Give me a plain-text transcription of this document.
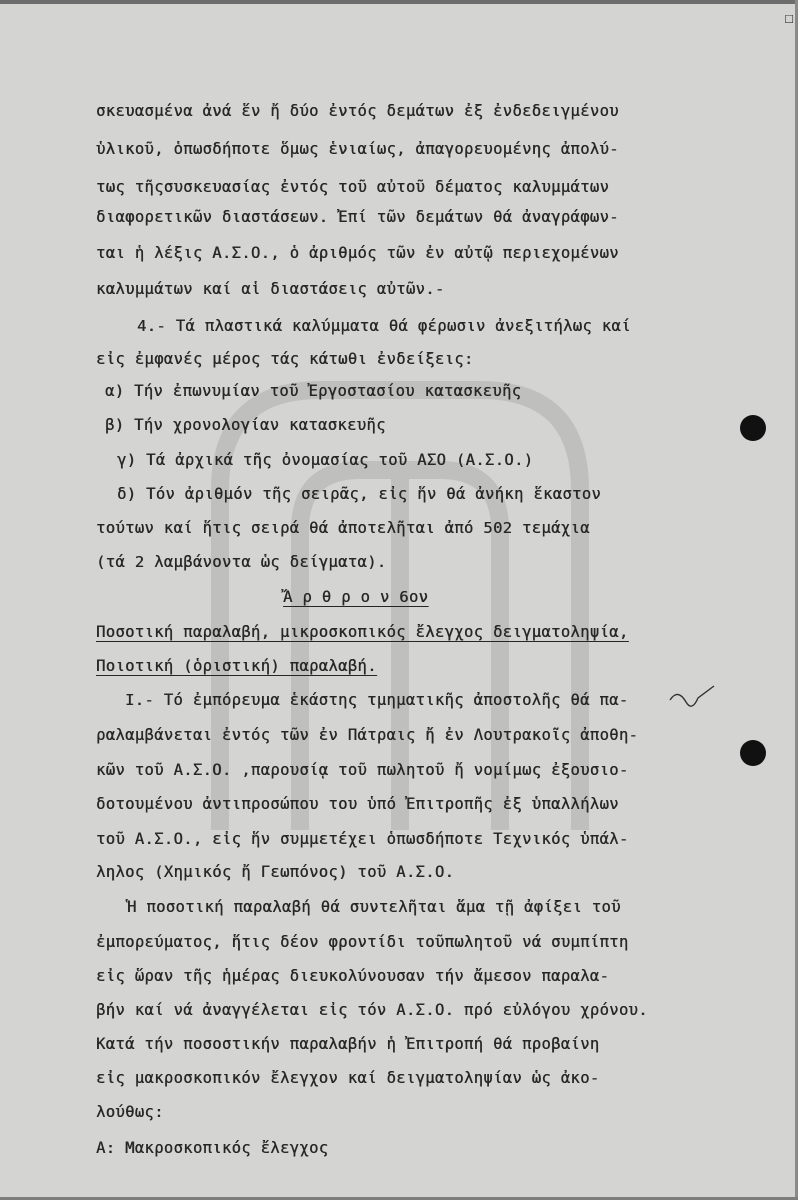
☐
σκευασμένα ἀνά ἕν ἤ δύο ἐντός δεμάτων ἐξ ἐνδεδειγμένου
ὑλικοῦ, ὁπωσδήποτε ὅμως ἑνιαίως, ἀπαγορευομένης ἀπολύ-
τως τῆςσυσκευασίας ἐντός τοῦ αὐτοῦ δέματος καλυμμάτων
διαφορετικῶν διαστάσεων. Ἐπί τῶν δεμάτων θά ἀναγράφων-
ται ἡ λέξις Α.Σ.Ο., ὁ ἀριθμός τῶν ἐν αὐτῷ περιεχομένων
καλυμμάτων καί αἱ διαστάσεις αὐτῶν.-
4.- Τά πλαστικά καλύμματα θά φέρωσιν ἀνεξιτήλως καί
εἰς ἐμφανές μέρος τάς κάτωθι ἐνδείξεις:
α) Τήν ἐπωνυμίαν τοῦ Ἐργοστασίου κατασκευῆς
β) Τήν χρονολογίαν κατασκευῆς
γ) Τά ἀρχικά τῆς ὀνομασίας τοῦ ΑΣΟ (Α.Σ.Ο.)
δ) Τόν ἀριθμόν τῆς σειρᾶς, εἰς ἥν θά ἀνήκη ἕκαστον
τούτων καί ἥτις σειρά θά ἀποτελῆται ἀπό 502 τεμάχια
(τά 2 λαμβάνοντα ὡς δείγματα).
Ἄ ρ θ ρ ο ν 6ον
Ποσοτική παραλαβή, μικροσκοπικός ἔλεγχος δειγματοληψία,
Ποιοτική (ὁριστική) παραλαβή.
I.- Τό ἐμπόρευμα ἑκάστης τμηματικῆς ἀποστολῆς θά πα-
ραλαμβάνεται ἐντός τῶν ἐν Πάτραις ἤ ἐν Λουτρακοῖς ἀποθη-
κῶν τοῦ Α.Σ.Ο. ,παρουσίᾳ τοῦ πωλητοῦ ἤ νομίμως ἐξουσιο-
δοτουμένου ἀντιπροσώπου του ὑπό Ἐπιτροπῆς ἐξ ὑπαλλήλων
τοῦ Α.Σ.Ο., εἰς ἥν συμμετέχει ὁπωσδήποτε Τεχνικός ὑπάλ-
ληλος (Χημικός ἤ Γεωπόνος) τοῦ Α.Σ.Ο.
Ἡ ποσοτική παραλαβή θά συντελῆται ἅμα τῇ ἀφίξει τοῦ
ἐμπορεύματος, ἥτις δέον φροντίδι τοῦπωλητοῦ νά συμπίπτη
εἰς ὥραν τῆς ἡμέρας διευκολύνουσαν τήν ἄμεσον παραλα-
βήν καί νά ἀναγγέλεται εἰς τόν Α.Σ.Ο. πρό εὐλόγου χρόνου.
Κατά τήν ποσοστικήν παραλαβήν ἡ Ἐπιτροπή θά προβαίνη
εἰς μακροσκοπικόν ἔλεγχον καί δειγματοληψίαν ὡς ἀκο-
λούθως:
Α: Μακροσκοπικός ἔλεγχος
